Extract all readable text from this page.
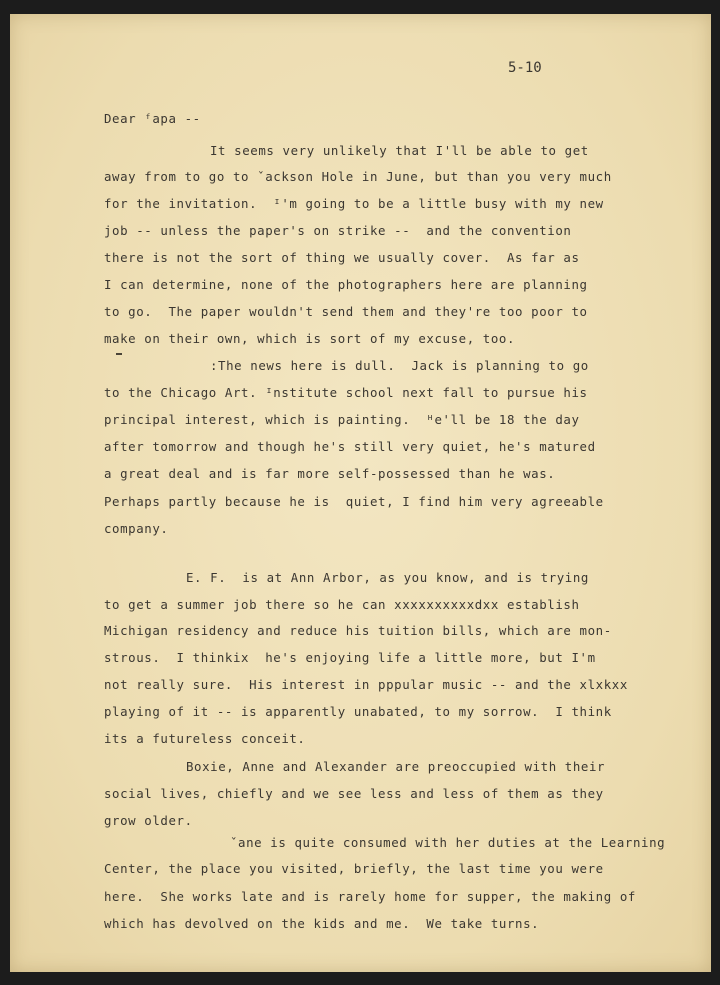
5-10
Dear ᶠapa --
It seems very unlikely that I'll be able to get
away from to go to ˇackson Hole in June, but than you very much
for the invitation.  ᴵ'm going to be a little busy with my new
job -- unless the paper's on strike --  and the convention
there is not the sort of thing we usually cover.  As far as
I can determine, none of the photographers here are planning
to go.  The paper wouldn't send them and they're too poor to
make on their own, which is sort of my excuse, too.
:The news here is dull.  Jack is planning to go
to the Chicago Art. ᴵnstitute school next fall to pursue his
principal interest, which is painting.  ᴴe'll be 18 the day
after tomorrow and though he's still very quiet, he's matured
a great deal and is far more self-possessed than he was.
Perhaps partly because he is  quiet, I find him very agreeable
company.
E. F.  is at Ann Arbor, as you know, and is trying
to get a summer job there so he can xxxxxxxxxxdxx establish
Michigan residency and reduce his tuition bills, which are mon-
strous.  I thinkix  he's enjoying life a little more, but I'm
not really sure.  His interest in pppular music -- and the xlxkxx
playing of it -- is apparently unabated, to my sorrow.  I think
its a futureless conceit.
Boxie, Anne and Alexander are preoccupied with their
social lives, chiefly and we see less and less of them as they
grow older.
ˇane is quite consumed with her duties at the Learning
Center, the place you visited, briefly, the last time you were
here.  She works late and is rarely home for supper, the making of
which has devolved on the kids and me.  We take turns.
